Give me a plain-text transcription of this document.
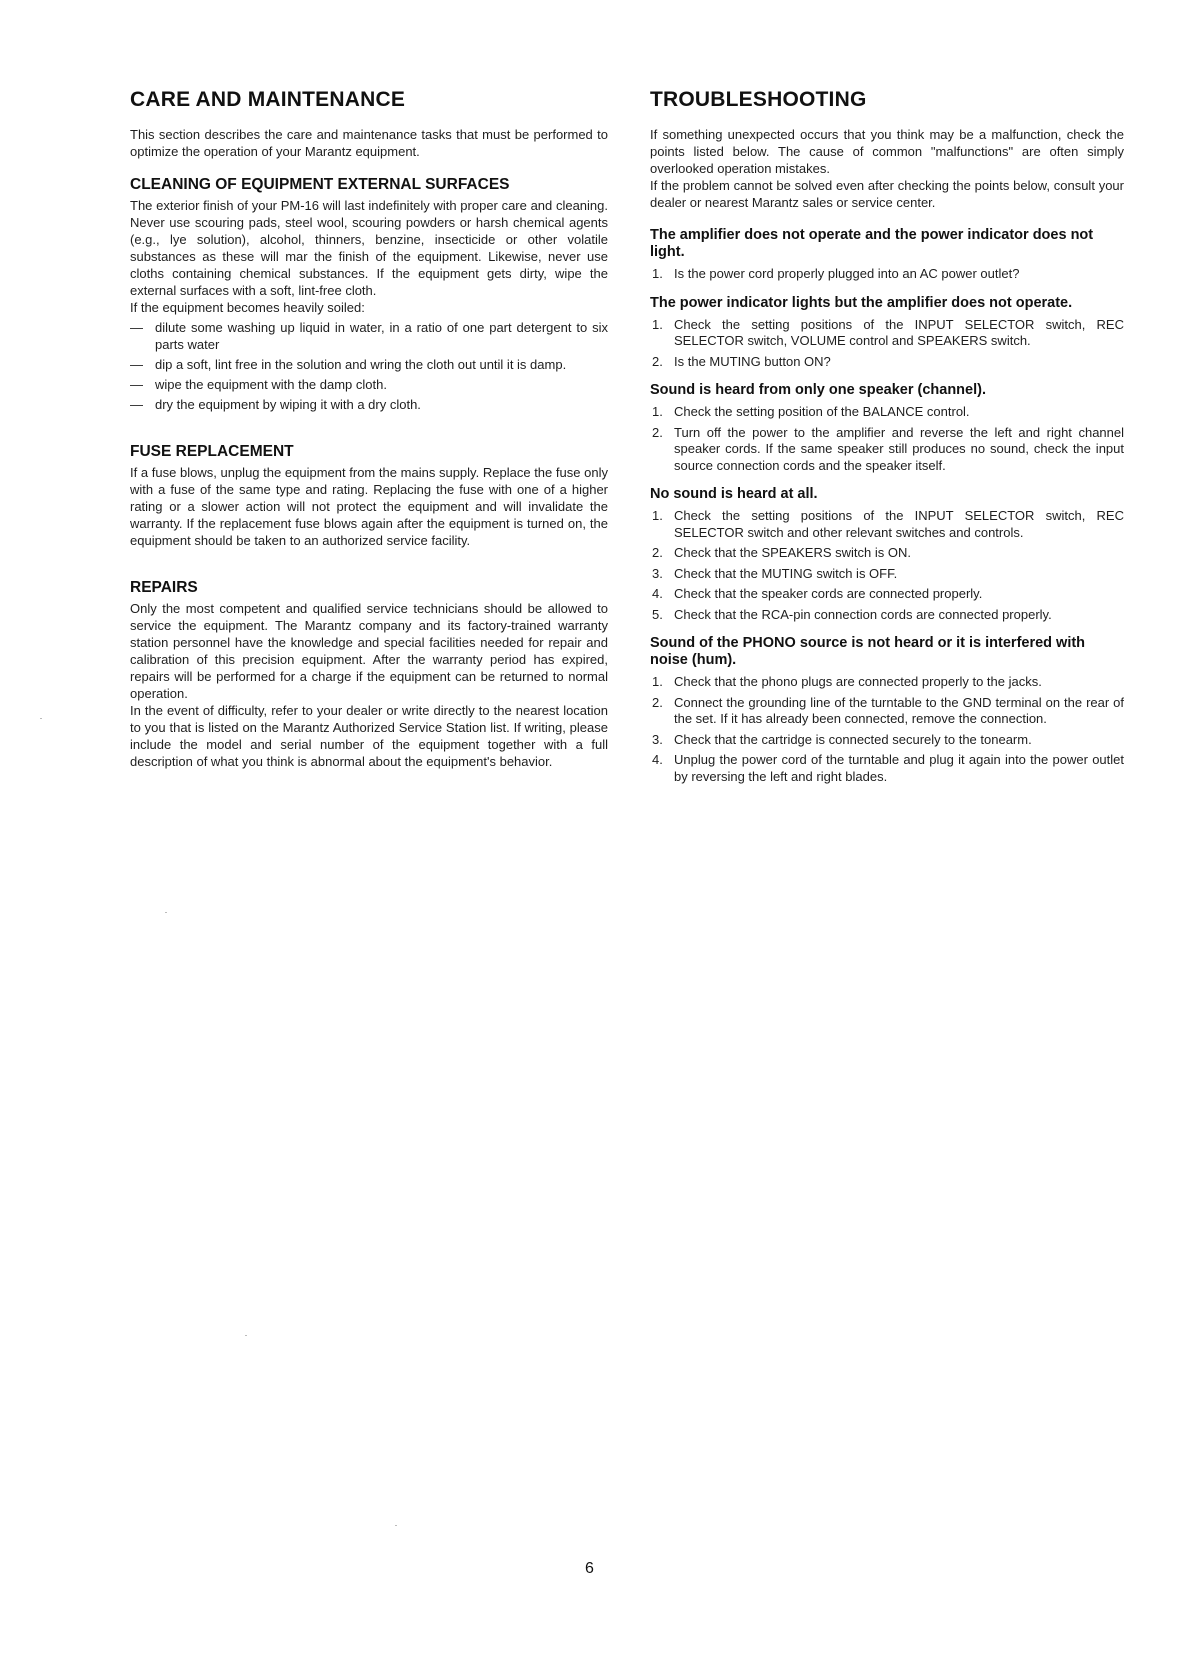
CARE AND MAINTENANCE

This section describes the care and maintenance tasks that must be performed to optimize the operation of your Marantz equipment.

CLEANING OF EQUIPMENT EXTERNAL SURFACES

The exterior finish of your PM-16 will last indefinitely with proper care and cleaning. Never use scouring pads, steel wool, scouring powders or harsh chemical agents (e.g., lye solution), alcohol, thinners, benzine, insecticide or other volatile substances as these will mar the finish of the equipment. Likewise, never use cloths containing chemical substances. If the equipment gets dirty, wipe the external surfaces with a soft, lint-free cloth.

If the equipment becomes heavily soiled:

— dilute some washing up liquid in water, in a ratio of one part detergent to six parts water
— dip a soft, lint free in the solution and wring the cloth out until it is damp.
— wipe the equipment with the damp cloth.
— dry the equipment by wiping it with a dry cloth.
FUSE REPLACEMENT

If a fuse blows, unplug the equipment from the mains supply. Replace the fuse only with a fuse of the same type and rating. Replacing the fuse with one of a higher rating or a slower action will not protect the equipment and will invalidate the warranty. If the replacement fuse blows again after the equipment is turned on, the equipment should be taken to an authorized service facility.

REPAIRS

Only the most competent and qualified service technicians should be allowed to service the equipment. The Marantz company and its factory-trained warranty station personnel have the knowledge and special facilities needed for repair and calibration of this precision equipment. After the warranty period has expired, repairs will be performed for a charge if the equipment can be returned to normal operation.

In the event of difficulty, refer to your dealer or write directly to the nearest location to you that is listed on the Marantz Authorized Service Station list. If writing, please include the model and serial number of the equipment together with a full description of what you think is abnormal about the equipment's behavior.

TROUBLESHOOTING

If something unexpected occurs that you think may be a malfunction, check the points listed below. The cause of common "malfunctions" are often simply overlooked operation mistakes.

If the problem cannot be solved even after checking the points below, consult your dealer or nearest Marantz sales or service center.

The amplifier does not operate and the power indicator does not light.
1. Is the power cord properly plugged into an AC power outlet?
The power indicator lights but the amplifier does not operate.
1. Check the setting positions of the INPUT SELECTOR switch, REC SELECTOR switch, VOLUME control and SPEAKERS switch.
2. Is the MUTING button ON?
Sound is heard from only one speaker (channel).
1. Check the setting position of the BALANCE control.
2. Turn off the power to the amplifier and reverse the left and right channel speaker cords. If the same speaker still produces no sound, check the input source connection cords and the speaker itself.
No sound is heard at all.
1. Check the setting positions of the INPUT SELECTOR switch, REC SELECTOR switch and other relevant switches and controls.
2. Check that the SPEAKERS switch is ON.
3. Check that the MUTING switch is OFF.
4. Check that the speaker cords are connected properly.
5. Check that the RCA-pin connection cords are connected properly.
Sound of the PHONO source is not heard or it is interfered with noise (hum).
1. Check that the phono plugs are connected properly to the jacks.
2. Connect the grounding line of the turntable to the GND terminal on the rear of the set. If it has already been connected, remove the connection.
3. Check that the cartridge is connected securely to the tonearm.
4. Unplug the power cord of the turntable and plug it again into the power outlet by reversing the left and right blades.
6
